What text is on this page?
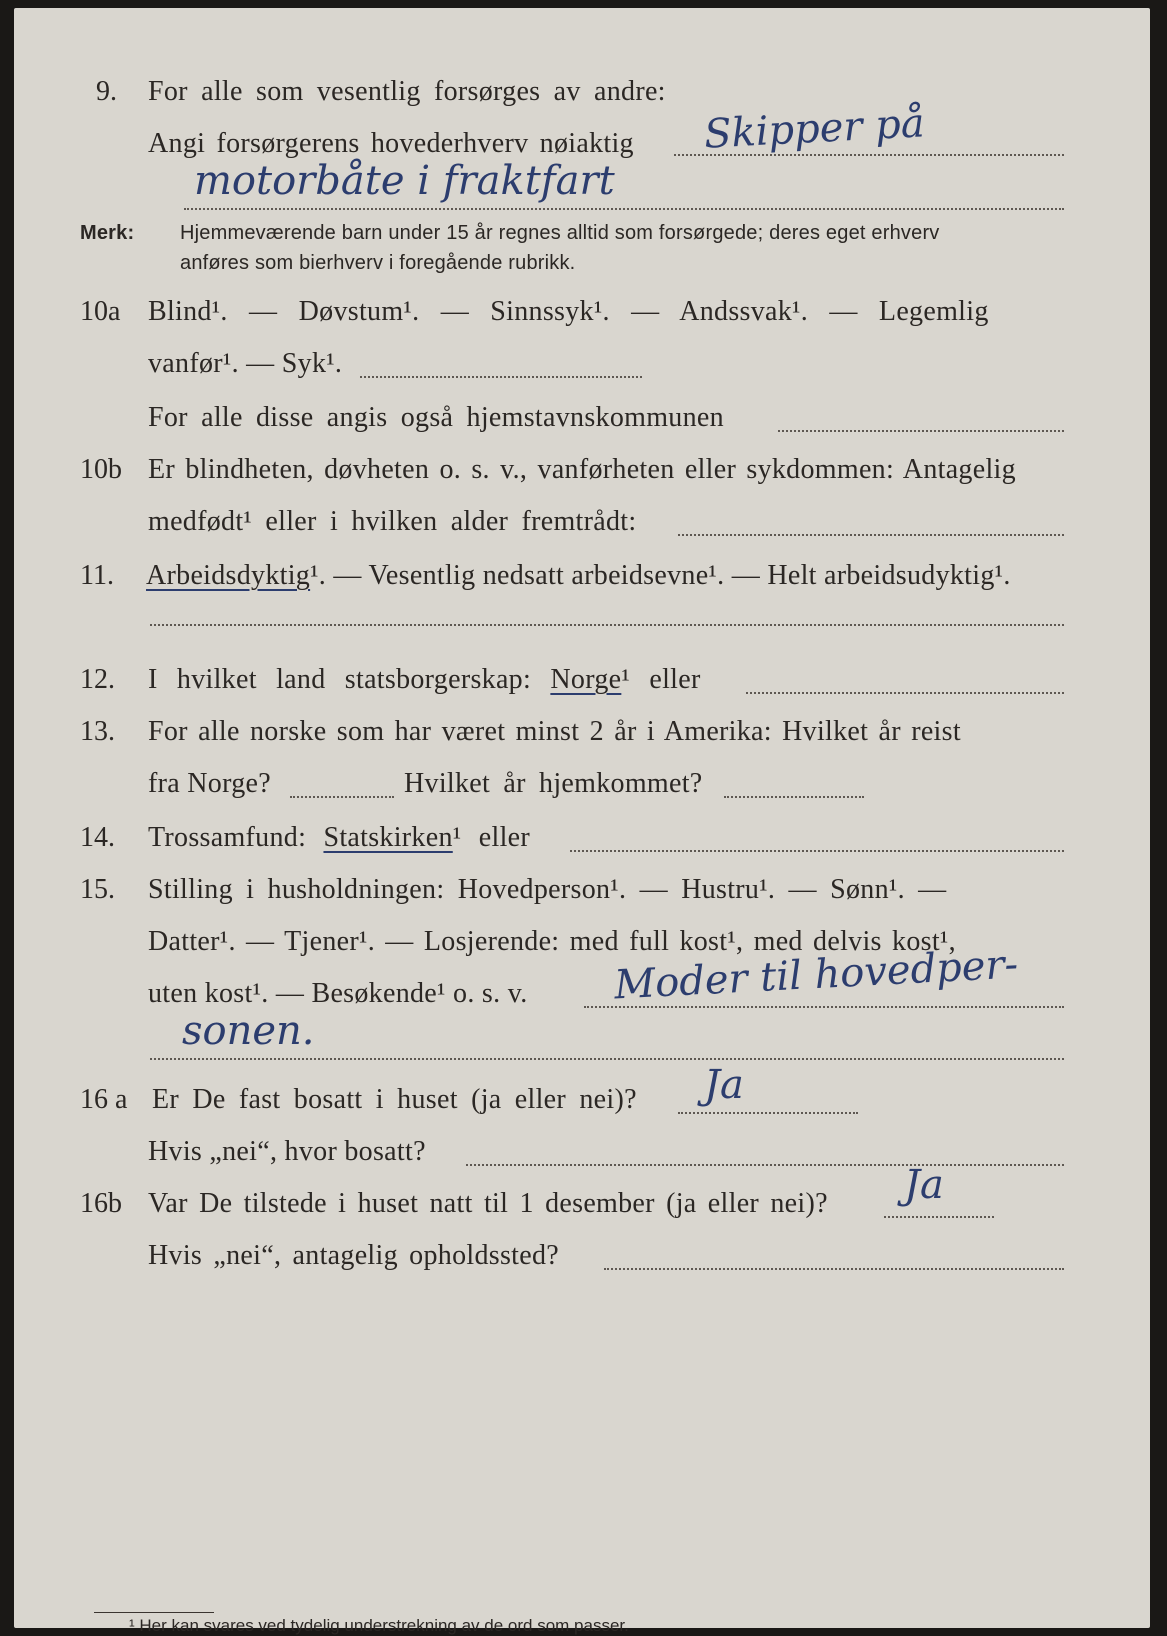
9. For alle som vesentlig forsørges av andre:
Angi forsørgerens hovederhverv nøiaktig Skipper på
motorbåte i fraktfart
Merk: Hjemmeværende barn under 15 år regnes alltid som forsørgede; deres eget erhverv
anføres som bierhverv i foregående rubrikk.
10a Blind¹. — Døvstum¹. — Sinnssyk¹. — Andssvak¹. — Legemlig
vanfør¹. — Syk¹.
For alle disse angis også hjemstavnskommunen
10b Er blindheten, døvheten o. s. v., vanførheten eller sykdommen: Antagelig
medfødt¹ eller i hvilken alder fremtrådt:
11. Arbeidsdyktig¹. — Vesentlig nedsatt arbeidsevne¹. — Helt arbeidsudyktig¹.
12. I hvilket land statsborgerskap: Norge¹ eller
13. For alle norske som har været minst 2 år i Amerika: Hvilket år reist
fra Norge?	Hvilket år hjemkommet?
14. Trossamfund: Statskirken¹ eller
15. Stilling i husholdningen: Hovedperson¹. — Hustru¹. — Sønn¹. —
Datter¹. — Tjener¹. — Losjerende: med full kost¹, med delvis kost¹,
uten kost¹. — Besøkende¹ o. s. v. Moder til hovedper-
sonen.
16 a Er De fast bosatt i huset (ja eller nei)? Ja
Hvis „nei“, hvor bosatt?
16b Var De tilstede i huset natt til 1 desember (ja eller nei)? Ja
Hvis „nei“, antagelig opholdssted?
¹ Her kan svares ved tydelig understrekning av de ord som passer.
